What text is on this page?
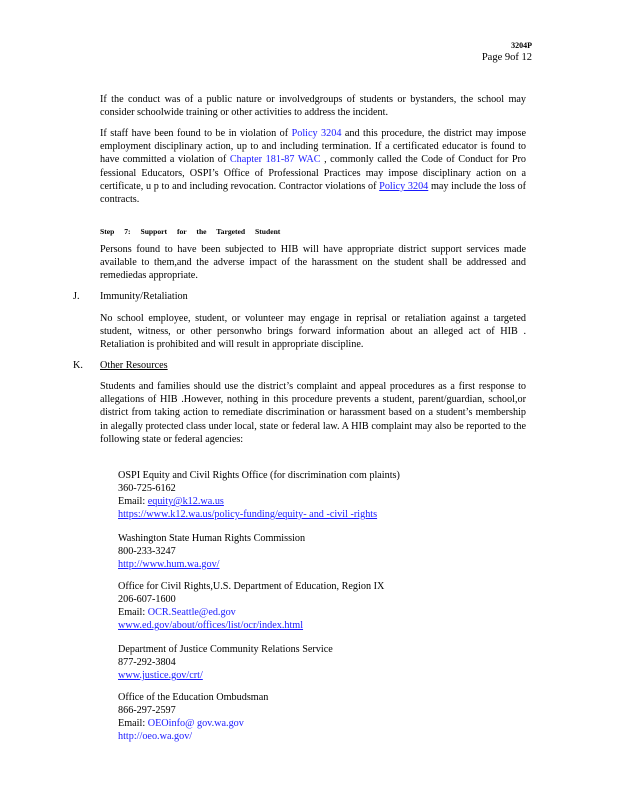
3204P
Page 9of 12
If the conduct was of a public nature or involvedgroups of students or bystanders, the school may consider schoolwide training or other activities to address the incident.
If staff have been found to be in violation of Policy 3204 and this procedure, the district may impose employment disciplinary action, up to and including termination. If a certificated educator is found to have committed a violation of Chapter 181-87 WAC , commonly called the Code of Conduct for Pro fessional Educators, OSPI’s Office of Professional Practices may impose disciplinary action on a certificate, u p to and including revocation. Contractor violations of Policy 3204 may include the loss of contracts.
Step 7: Support for the Targeted Student
Persons found to have been subjected to HIB will have appropriate district support services made available to them,and the adverse impact of the harassment on the student shall be addressed and remediedas appropriate.
J. Immunity/Retaliation
No school employee, student, or volunteer may engage in reprisal or retaliation against a targeted student, witness, or other personwho brings forward information about an alleged act of HIB . Retaliation is prohibited and will result in appropriate discipline.
K. Other Resources
Students and families should use the district’s complaint and appeal procedures as a first response to allegations of HIB .However, nothing in this procedure prevents a student, parent/guardian, school,or district from taking action to remediate discrimination or harassment based on a student’s membership in alegally protected class under local, state or federal law. A HIB complaint may also be reported to the following state or federal agencies:
OSPI Equity and Civil Rights Office (for discrimination com plaints)
360-725-6162
Email: equity@k12.wa.us
https://www.k12.wa.us/policy-funding/equity- and -civil -rights
Washington State Human Rights Commission
800-233-3247
http://www.hum.wa.gov/
Office for Civil Rights,U.S. Department of Education, Region IX
206-607-1600
Email: OCR.Seattle@ed.gov
www.ed.gov/about/offices/list/ocr/index.html
Department of Justice Community Relations Service
877-292-3804
www.justice.gov/crt/
Office of the Education Ombudsman
866-297-2597
Email: OEOinfo@ gov.wa.gov
http://oeo.wa.gov/
